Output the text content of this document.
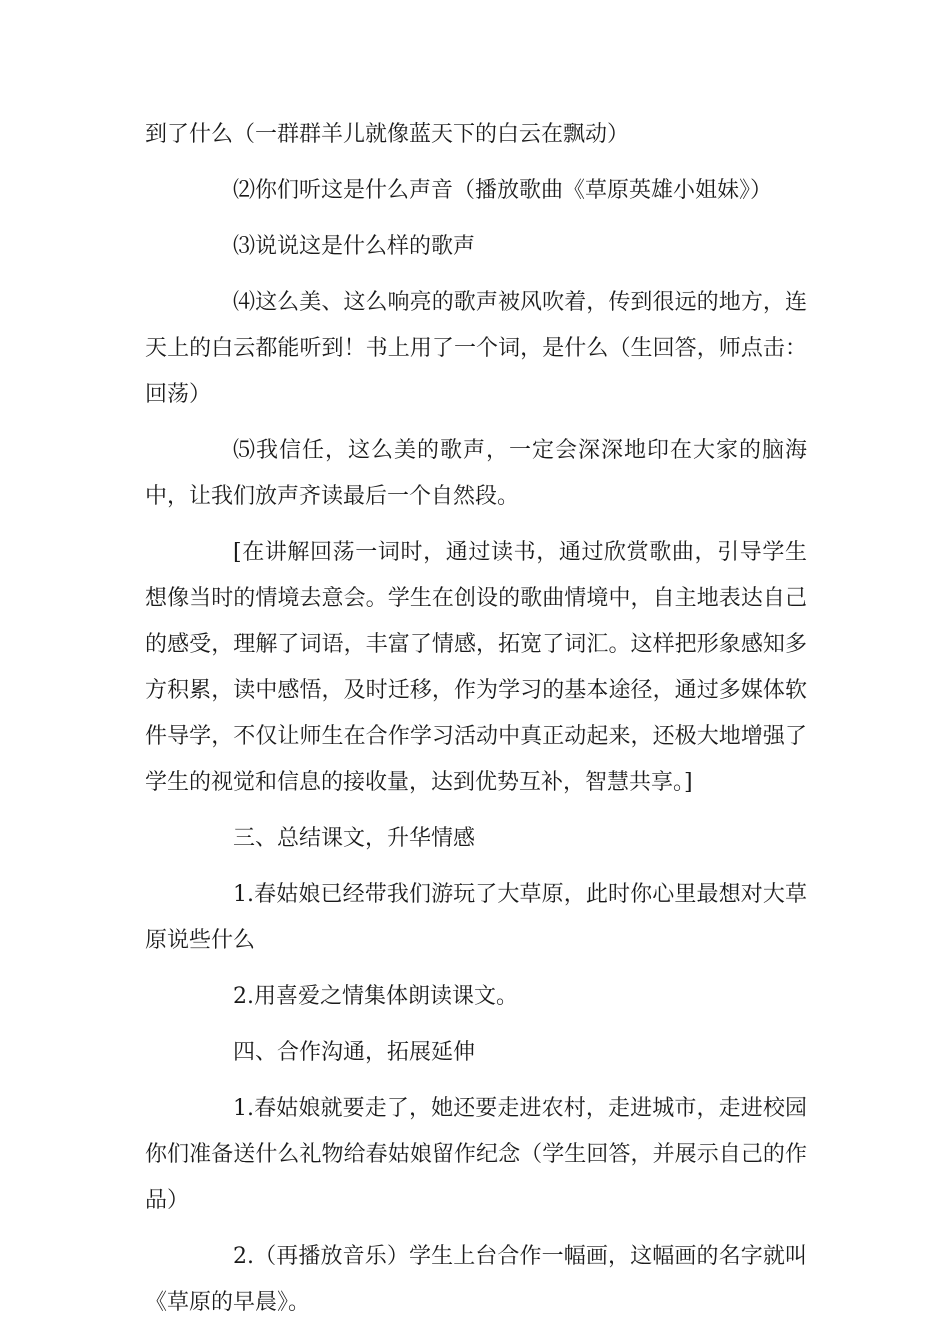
到了什么（一群群羊儿就像蓝天下的白云在飘动）

⑵你们听这是什么声音（播放歌曲《草原英雄小姐妹》）

⑶说说这是什么样的歌声

⑷这么美、这么响亮的歌声被风吹着，传到很远的地方，连天上的白云都能听到！书上用了一个词，是什么（生回答，师点击：回荡）

⑸我信任，这么美的歌声，一定会深深地印在大家的脑海中，让我们放声齐读最后一个自然段。

[在讲解回荡一词时，通过读书，通过欣赏歌曲，引导学生想像当时的情境去意会。学生在创设的歌曲情境中，自主地表达自己的感受，理解了词语，丰富了情感，拓宽了词汇。这样把形象感知多方积累，读中感悟，及时迁移，作为学习的基本途径，通过多媒体软件导学，不仅让师生在合作学习活动中真正动起来，还极大地增强了学生的视觉和信息的接收量，达到优势互补，智慧共享。]

三、总结课文，升华情感

1.春姑娘已经带我们游玩了大草原，此时你心里最想对大草原说些什么

2.用喜爱之情集体朗读课文。

四、合作沟通，拓展延伸

1.春姑娘就要走了，她还要走进农村，走进城市，走进校园你们准备送什么礼物给春姑娘留作纪念（学生回答，并展示自己的作品）

2.（再播放音乐）学生上台合作一幅画，这幅画的名字就叫《草原的早晨》。
